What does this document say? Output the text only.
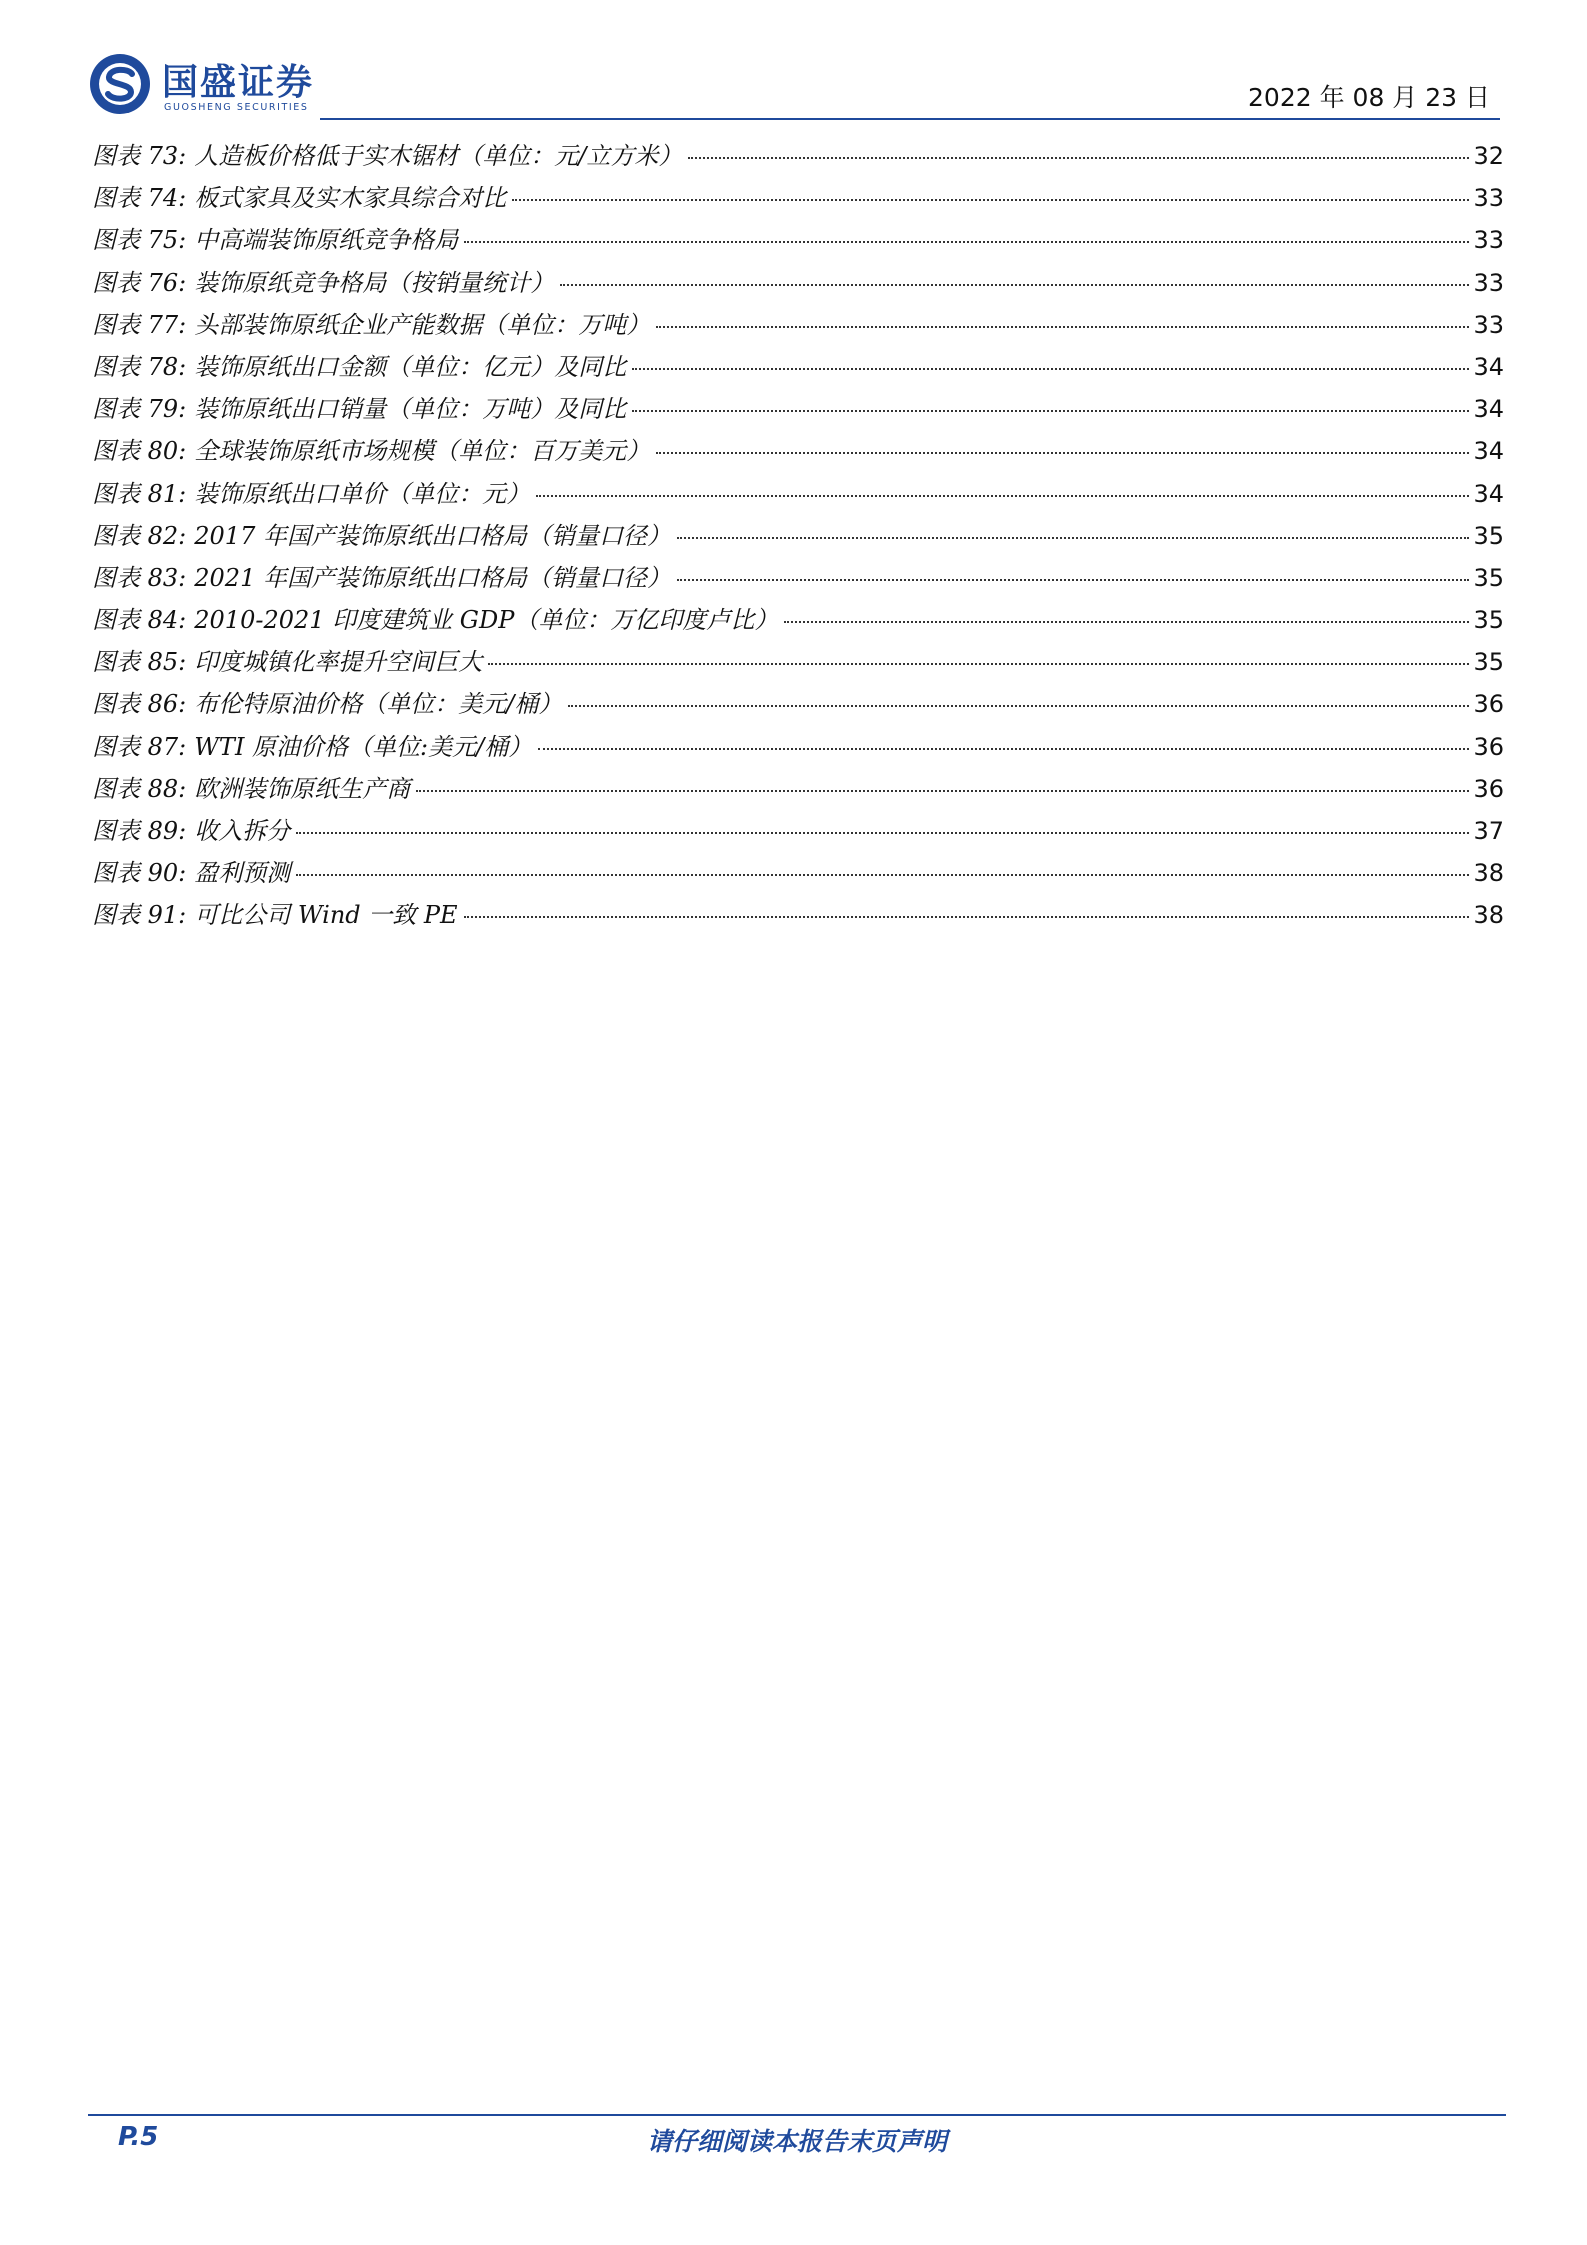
国盛证券
GUOSHENG SECURITIES	2022 年 08 月 23 日
图表 73: 人造板价格低于实木锯材（单位：元/立方米）	32
图表 74: 板式家具及实木家具综合对比	33
图表 75: 中高端装饰原纸竞争格局	33
图表 76: 装饰原纸竞争格局（按销量统计）	33
图表 77: 头部装饰原纸企业产能数据（单位：万吨）	33
图表 78: 装饰原纸出口金额（单位：亿元）及同比	34
图表 79: 装饰原纸出口销量（单位：万吨）及同比	34
图表 80: 全球装饰原纸市场规模（单位：百万美元）	34
图表 81: 装饰原纸出口单价（单位：元）	34
图表 82: 2017 年国产装饰原纸出口格局（销量口径）	35
图表 83: 2021 年国产装饰原纸出口格局（销量口径）	35
图表 84: 2010-2021 印度建筑业 GDP（单位：万亿印度卢比）	35
图表 85: 印度城镇化率提升空间巨大	35
图表 86: 布伦特原油价格（单位：美元/桶）	36
图表 87: WTI 原油价格（单位:美元/桶）	36
图表 88: 欧洲装饰原纸生产商	36
图表 89: 收入拆分	37
图表 90: 盈利预测	38
图表 91: 可比公司 Wind 一致 PE	38
P.5	请仔细阅读本报告末页声明
